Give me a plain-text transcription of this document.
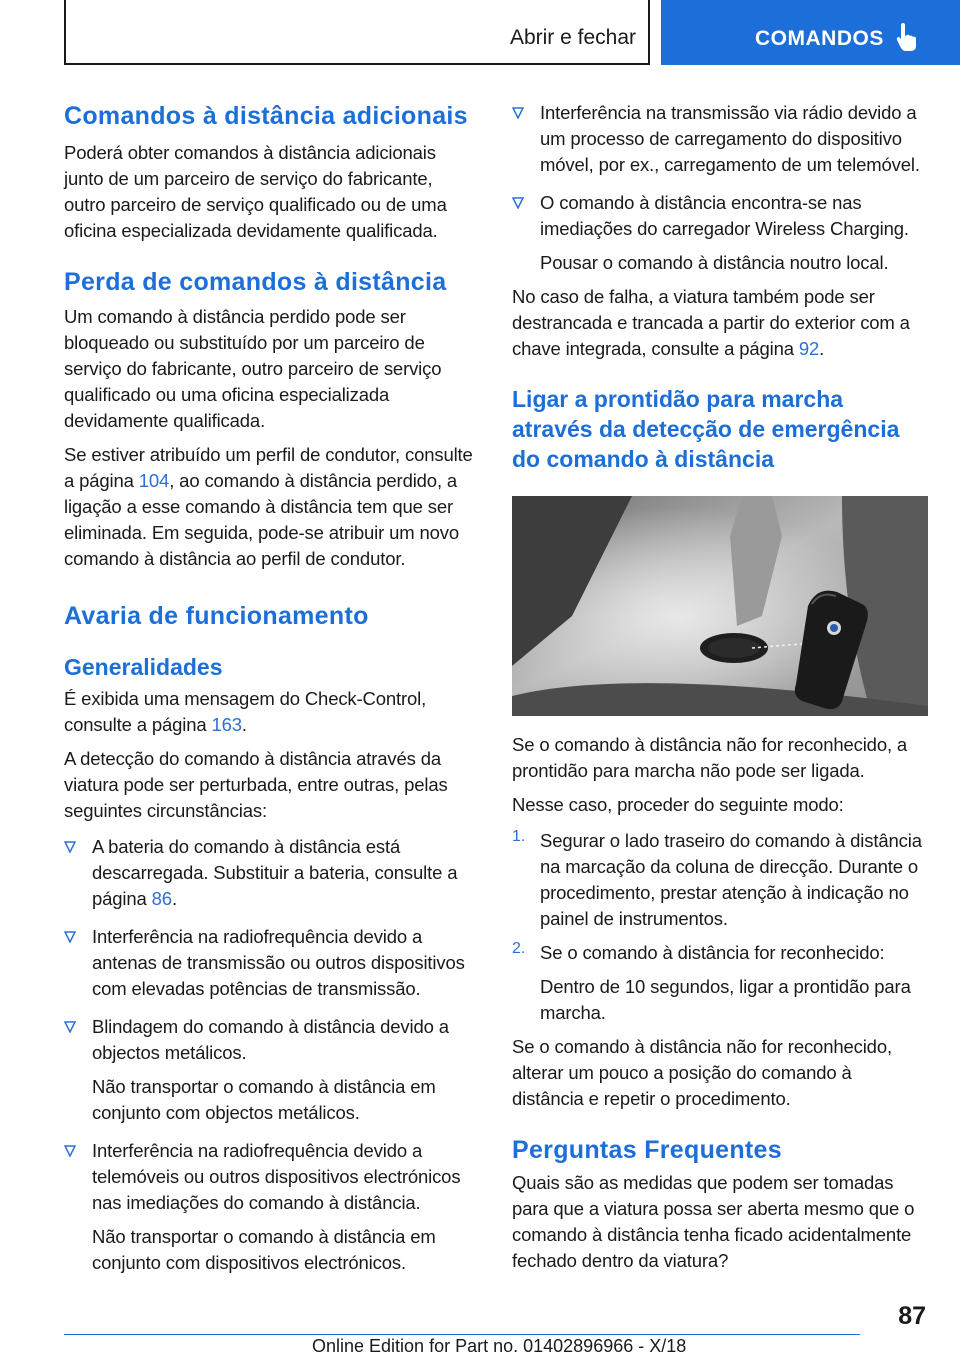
Abrir e fechar	COMANDOS
Comandos à distância adicionais

Poderá obter comandos à distância adicionais junto de um parceiro de serviço do fabricante, outro parceiro de serviço qualificado ou de uma oficina especializada devidamente qualificada.

Perda de comandos à distância

Um comando à distância perdido pode ser bloqueado ou substituído por um parceiro de serviço do fabricante, outro parceiro de serviço qualificado ou uma oficina especializada devidamente qualificada.

Se estiver atribuído um perfil de condutor, consulte a página 104, ao comando à distância perdido, a ligação a esse comando à distância tem que ser eliminada. Em seguida, pode-se atribuir um novo comando à distância ao perfil de condutor.

Avaria de funcionamento
Generalidades

É exibida uma mensagem do Check-Control, consulte a página 163.

A detecção do comando à distância através da viatura pode ser perturbada, entre outras, pelas seguintes circunstâncias:

A bateria do comando à distância está descarregada. Substituir a bateria, consulte a página 86.

Interferência na radiofrequência devido a antenas de transmissão ou outros dispositivos com elevadas potências de transmissão.

Blindagem do comando à distância devido a objectos metálicos.

Não transportar o comando à distância em conjunto com objectos metálicos.

Interferência na radiofrequência devido a telemóveis ou outros dispositivos electrónicos nas imediações do comando à distância.

Não transportar o comando à distância em conjunto com dispositivos electrónicos.

Interferência na transmissão via rádio devido a um processo de carregamento do dispositivo móvel, por ex., carregamento de um telemóvel.

O comando à distância encontra-se nas imediações do carregador Wireless Charging.

Pousar o comando à distância noutro local.

No caso de falha, a viatura também pode ser destrancada e trancada a partir do exterior com a chave integrada, consulte a página 92.

Ligar a prontidão para marcha através da detecção de emergência do comando à distância

Se o comando à distância não for reconhecido, a prontidão para marcha não pode ser ligada.

Nesse caso, proceder do seguinte modo:

1. Segurar o lado traseiro do comando à distância na marcação da coluna de direcção. Durante o procedimento, prestar atenção à indicação no painel de instrumentos.

2. Se o comando à distância for reconhecido:

Dentro de 10 segundos, ligar a prontidão para marcha.

Se o comando à distância não for reconhecido, alterar um pouco a posição do comando à distância e repetir o procedimento.

Perguntas Frequentes

Quais são as medidas que podem ser tomadas para que a viatura possa ser aberta mesmo que o comando à distância tenha ficado acidentalmente fechado dentro da viatura?

87
Online Edition for Part no. 01402896966 - X/18
